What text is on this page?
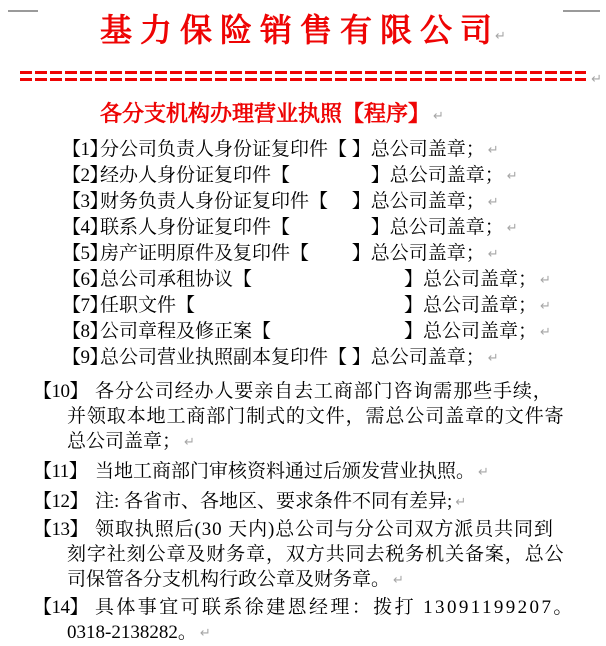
基 力 保 险 销 售 有 限 公 司 ↵
↵
各分支机构办理营业执照【程序】 ↵
【1】分公司负责人身份证复印件【 】总公司盖章； ↵
【2】经办人身份证复印件【　　　　 】总公司盖章； ↵
【3】财务负责人身份证复印件【　 】总公司盖章； ↵
【4】联系人身份证复印件【　　　　 】总公司盖章； ↵
【5】房产证明原件及复印件【　　 】总公司盖章； ↵
【6】总公司承租协议【　　　　　　　　】总公司盖章； ↵
【7】任职文件【　　　　　　　　　　　】总公司盖章； ↵
【8】公司章程及修正案【　　　　　　　】总公司盖章； ↵
【9】总公司营业执照副本复印件【 】总公司盖章； ↵
【10】 各分公司经办人要亲自去工商部门咨询需那些手续，
并领取本地工商部门制式的文件，需总公司盖章的文件寄
总公司盖章； ↵
【11】 当地工商部门审核资料通过后颁发营业执照。 ↵
【12】 注: 各省市、各地区、要求条件不同有差异; ↵
【13】 领取执照后(30 天内)总公司与分公司双方派员共同到
刻字社刻公章及财务章，双方共同去税务机关备案，总公
司保管各分支机构行政公章及财务章。 ↵
【14】 具体事宜可联系徐建恩经理：拨打 13091199207。
0318-2138282。 ↵
